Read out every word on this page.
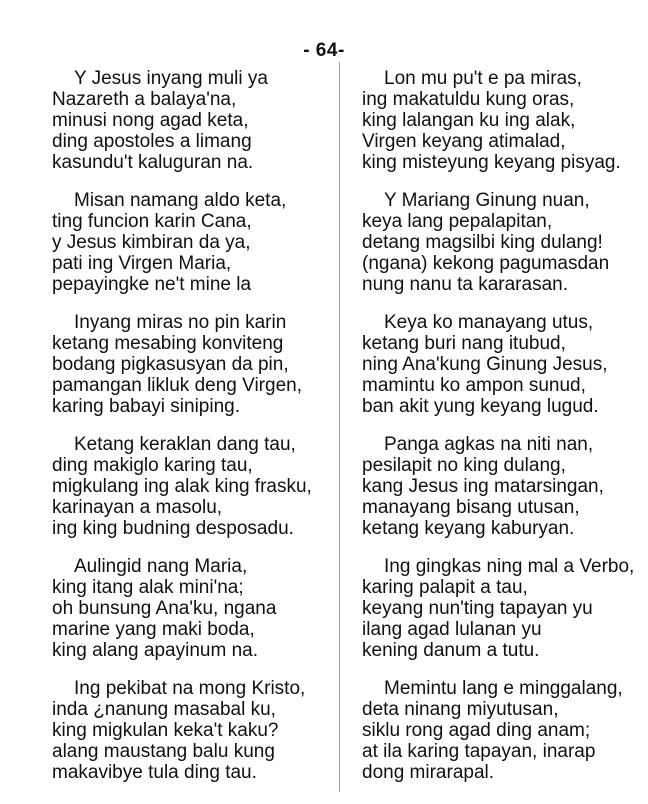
- 64-
Y Jesus inyang muli ya
Nazareth a balaya'na,
minusi nong agad keta,
ding apostoles a limang
kasundu't kaluguran na.
Misan namang aldo keta,
ting funcion karin Cana,
y Jesus kimbiran da ya,
pati ing Virgen Maria,
pepayingke ne't mine la
Inyang miras no pin karin
ketang mesabing konviteng
bodang pigkasusyan da pin,
pamangan likluk deng Virgen,
karing babayi siniping.
Ketang keraklan dang tau,
ding makiglo karing tau,
migkulang ing alak king frasku,
karinayan a masolu,
ing king budning desposadu.
Aulingid nang Maria,
king itang alak mini'na;
oh bunsung Ana'ku, ngana
marine yang maki boda,
king alang apayinum na.
Ing pekibat na mong Kristo,
inda ¿nanung masabal ku,
king migkulan keka't kaku?
alang maustang balu kung
makavibye tula ding tau.
Lon mu pu't e pa miras,
ing makatuldu kung oras,
king lalangan ku ing alak,
Virgen keyang atimalad,
king misteyung keyang pisyag.
Y Mariang Ginung nuan,
keya lang pepalapitan,
detang magsilbi king dulang!
(ngana) kekong pagumasdan
nung nanu ta kararasan.
Keya ko manayang utus,
ketang buri nang itubud,
ning Ana'kung Ginung Jesus,
mamintu ko ampon sunud,
ban akit yung keyang lugud.
Panga agkas na niti nan,
pesilapit no king dulang,
kang Jesus ing matarsingan,
manayang bisang utusan,
ketang keyang kaburyan.
Ing gingkas ning mal a Verbo,
karing palapit a tau,
keyang nun'ting tapayan yu
ilang agad lulanan yu
kening danum a tutu.
Memintu lang e minggalang,
deta ninang miyutusan,
siklu rong agad ding anam;
at ila karing tapayan, inarap
dong mirarapal.
